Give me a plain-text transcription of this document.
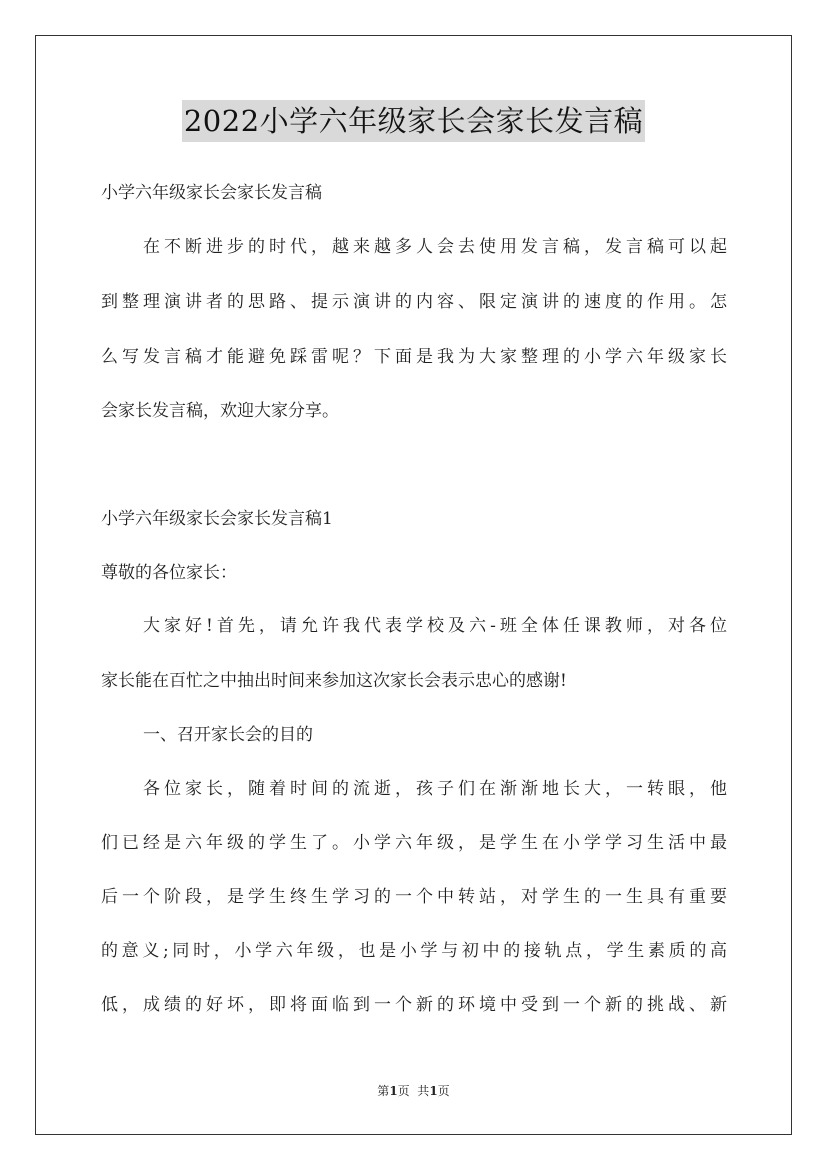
2022小学六年级家长会家长发言稿
小学六年级家长会家长发言稿
在不断进步的时代，越来越多人会去使用发言稿，发言稿可以起
到整理演讲者的思路、提示演讲的内容、限定演讲的速度的作用。怎
么写发言稿才能避免踩雷呢？下面是我为大家整理的小学六年级家长
会家长发言稿，欢迎大家分享。
小学六年级家长会家长发言稿1
尊敬的各位家长：
大家好!首先，请允许我代表学校及六-班全体任课教师，对各位
家长能在百忙之中抽出时间来参加这次家长会表示忠心的感谢!
一、召开家长会的目的
各位家长，随着时间的流逝，孩子们在渐渐地长大，一转眼，他
们已经是六年级的学生了。小学六年级，是学生在小学学习生活中最
后一个阶段，是学生终生学习的一个中转站，对学生的一生具有重要
的意义;同时，小学六年级，也是小学与初中的接轨点，学生素质的高
低，成绩的好坏，即将面临到一个新的环境中受到一个新的挑战、新
第1页  共1页
